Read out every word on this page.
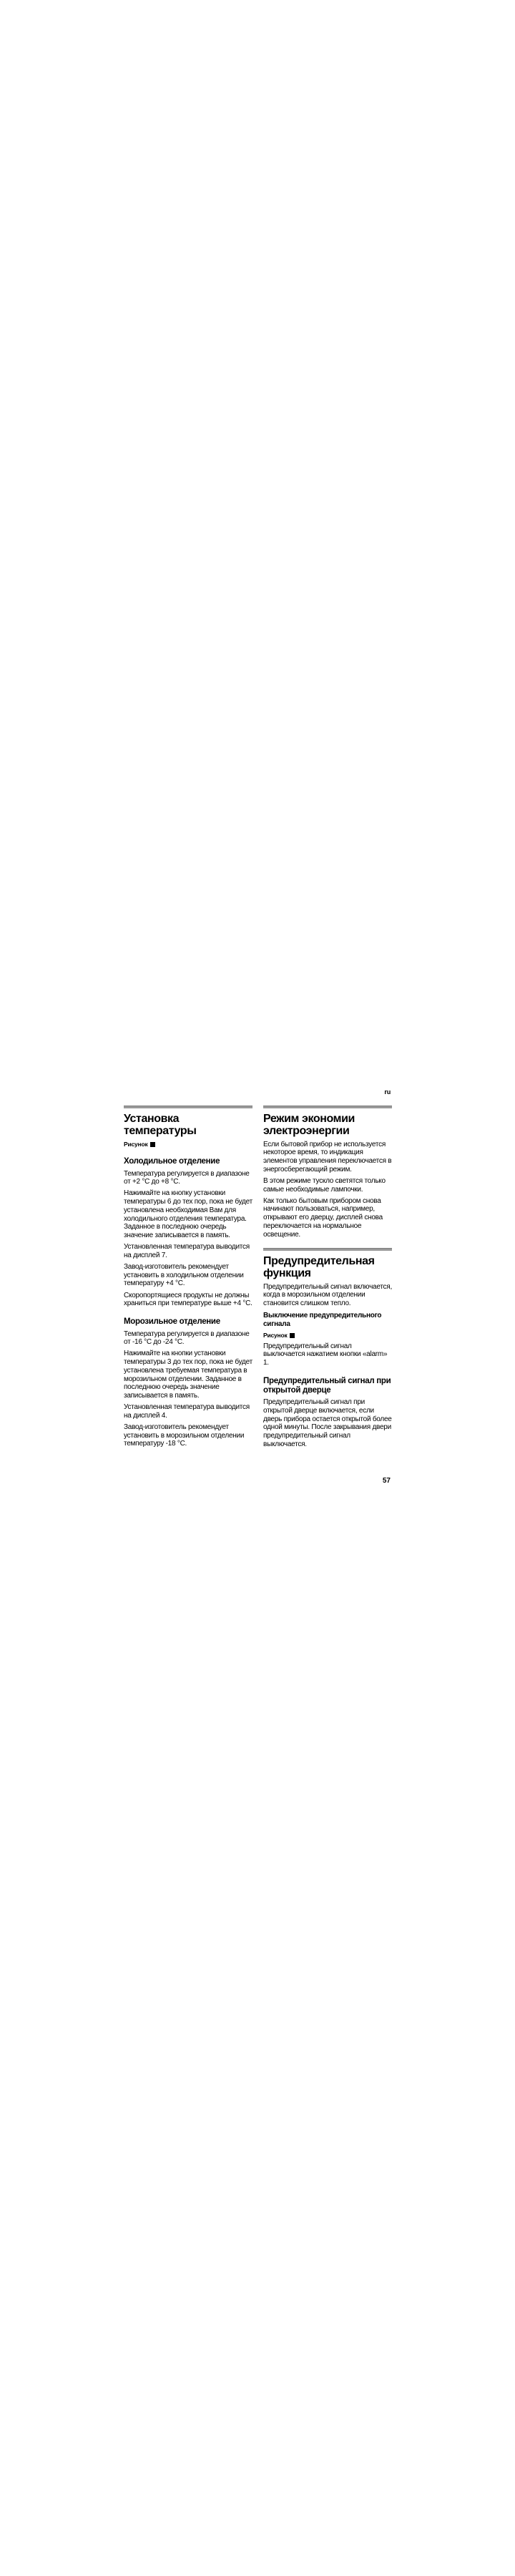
ru
Установка температуры
Рисунок
Холодильное отделение

Температура регулируется в диапазоне от +2 °C до +8 °C.

Нажимайте на кнопку установки температуры 6 до тех пор, пока не будет установлена необходимая Вам для холодильного отделения температура. Заданное в последнюю очередь значение записывается в память.

Установленная температура выводится на дисплей 7.

Завод-изготовитель рекомендует установить в холодильном отделении температуру +4 °C.

Скоропортящиеся продукты не должны храниться при температуре выше +4 °C.

Морозильное отделение

Температура регулируется в диапазоне от -16 °C до -24 °C.

Нажимайте на кнопки установки температуры 3 до тех пор, пока не будет установлена требуемая температура в морозильном отделении. Заданное в последнюю очередь значение записывается в память.

Установленная температура выводится на дисплей 4.

Завод-изготовитель рекомендует установить в морозильном отделении температуру -18 °C.

Режим экономии электроэнергии

Если бытовой прибор не используется некоторое время, то индикация элементов управления переключается в энергосберегающий режим.

В этом режиме тускло светятся только самые необходимые лампочки.

Как только бытовым прибором снова начинают пользоваться, например, открывают его дверцу, дисплей снова переключается на нормальное освещение.

Предупредительная функция

Предупредительный сигнал включается, когда в морозильном отделении становится слишком тепло.

Выключение предупредительного сигнала
Рисунок

Предупредительный сигнал выключается нажатием кнопки «alarm» 1.

Предупредительный сигнал при открытой дверце

Предупредительный сигнал при открытой дверце включается, если дверь прибора остается открытой более одной минуты. После закрывания двери предупредительный сигнал выключается.

57
